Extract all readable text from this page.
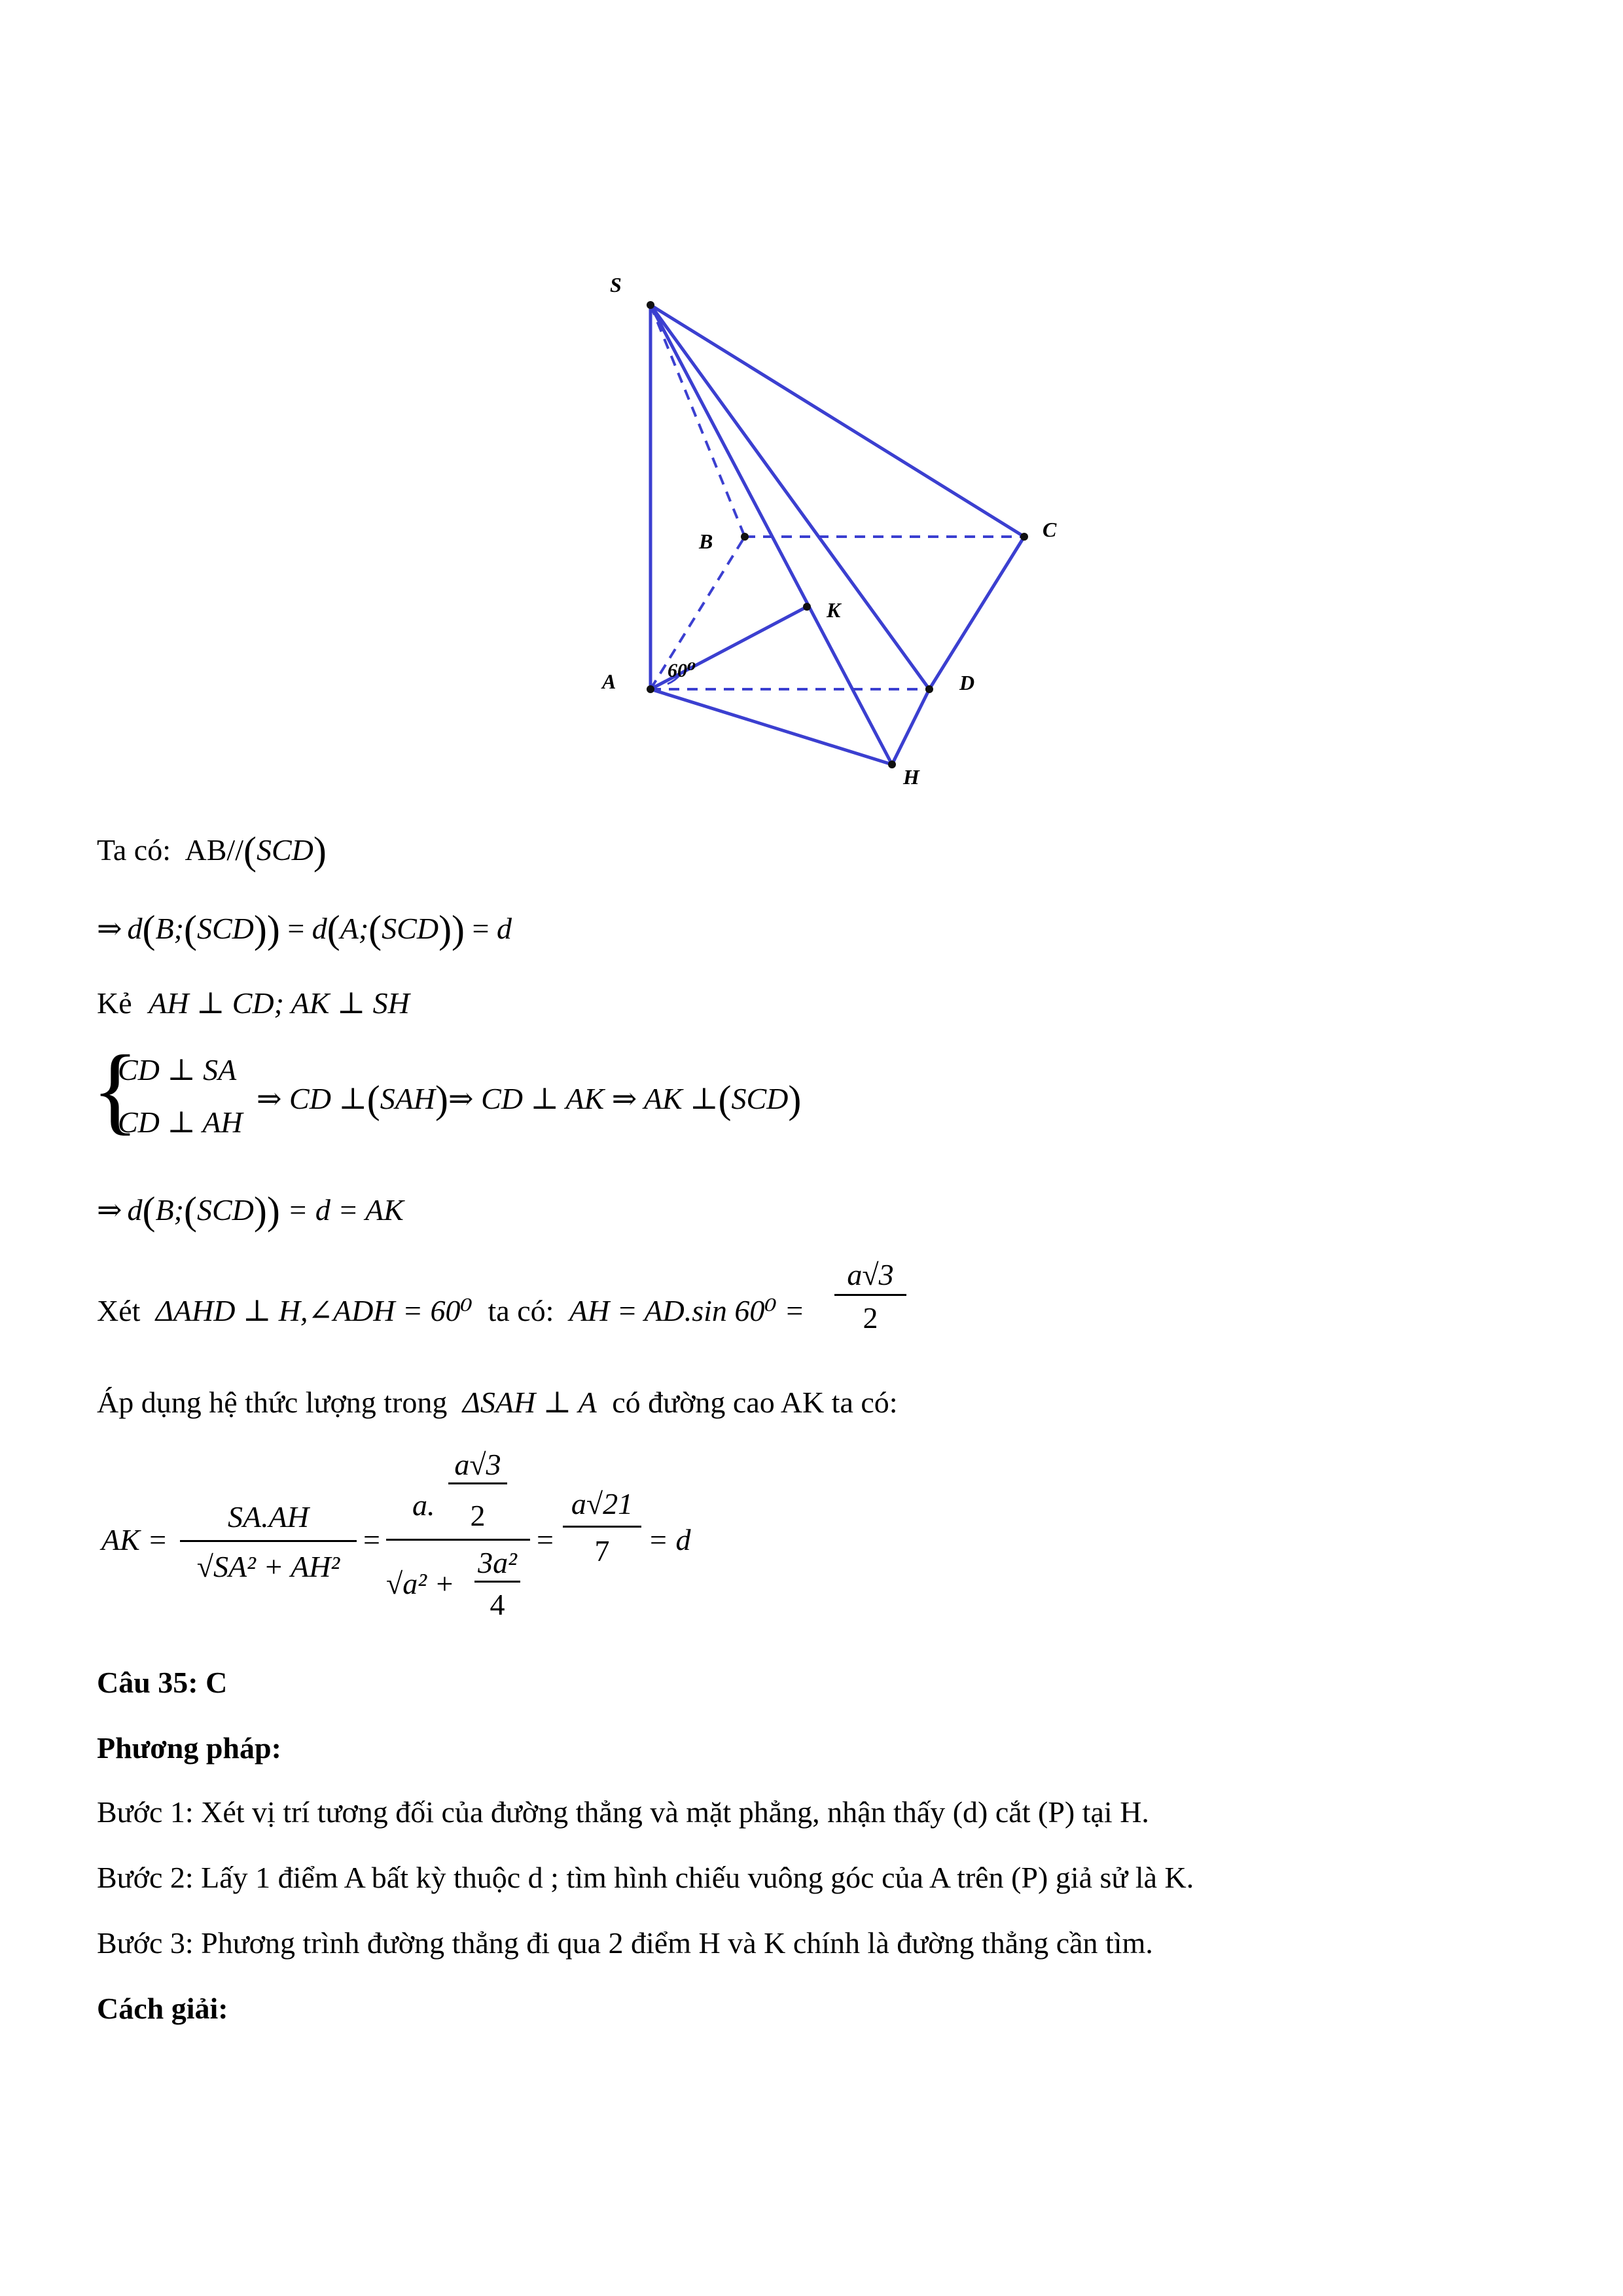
S
B	C
K
A	D
H
60⁰
Ta có: AB//(SCD)
⇒ d(B;(SCD)) = d(A;(SCD)) = d
Kẻ AH ⊥ CD; AK ⊥ SH
{
CD ⊥ SA
CD ⊥ AH
⇒ CD ⊥(SAH)⇒ CD ⊥ AK ⇒ AK ⊥(SCD)
⇒ d(B;(SCD)) = d = AK
Xét ΔAHD ⊥ H,∠ADH = 60⁰ ta có: AH = AD.sin 60⁰ =
a√3
2
Áp dụng hệ thức lượng trong ΔSAH ⊥ A có đường cao AK ta có:
AK =
SA.AH
√SA² + AH²
=
a.
a√3
2
√a² +
3a²
4
=
a√21
7	= d
Câu 35: C
Phương pháp:
Bước 1: Xét vị trí tương đối của đường thẳng và mặt phẳng, nhận thấy (d) cắt (P) tại H.
Bước 2: Lấy 1 điểm A bất kỳ thuộc d ; tìm hình chiếu vuông góc của A trên (P) giả sử là K.
Bước 3: Phương trình đường thẳng đi qua 2 điểm H và K chính là đường thẳng cần tìm.
Cách giải:
